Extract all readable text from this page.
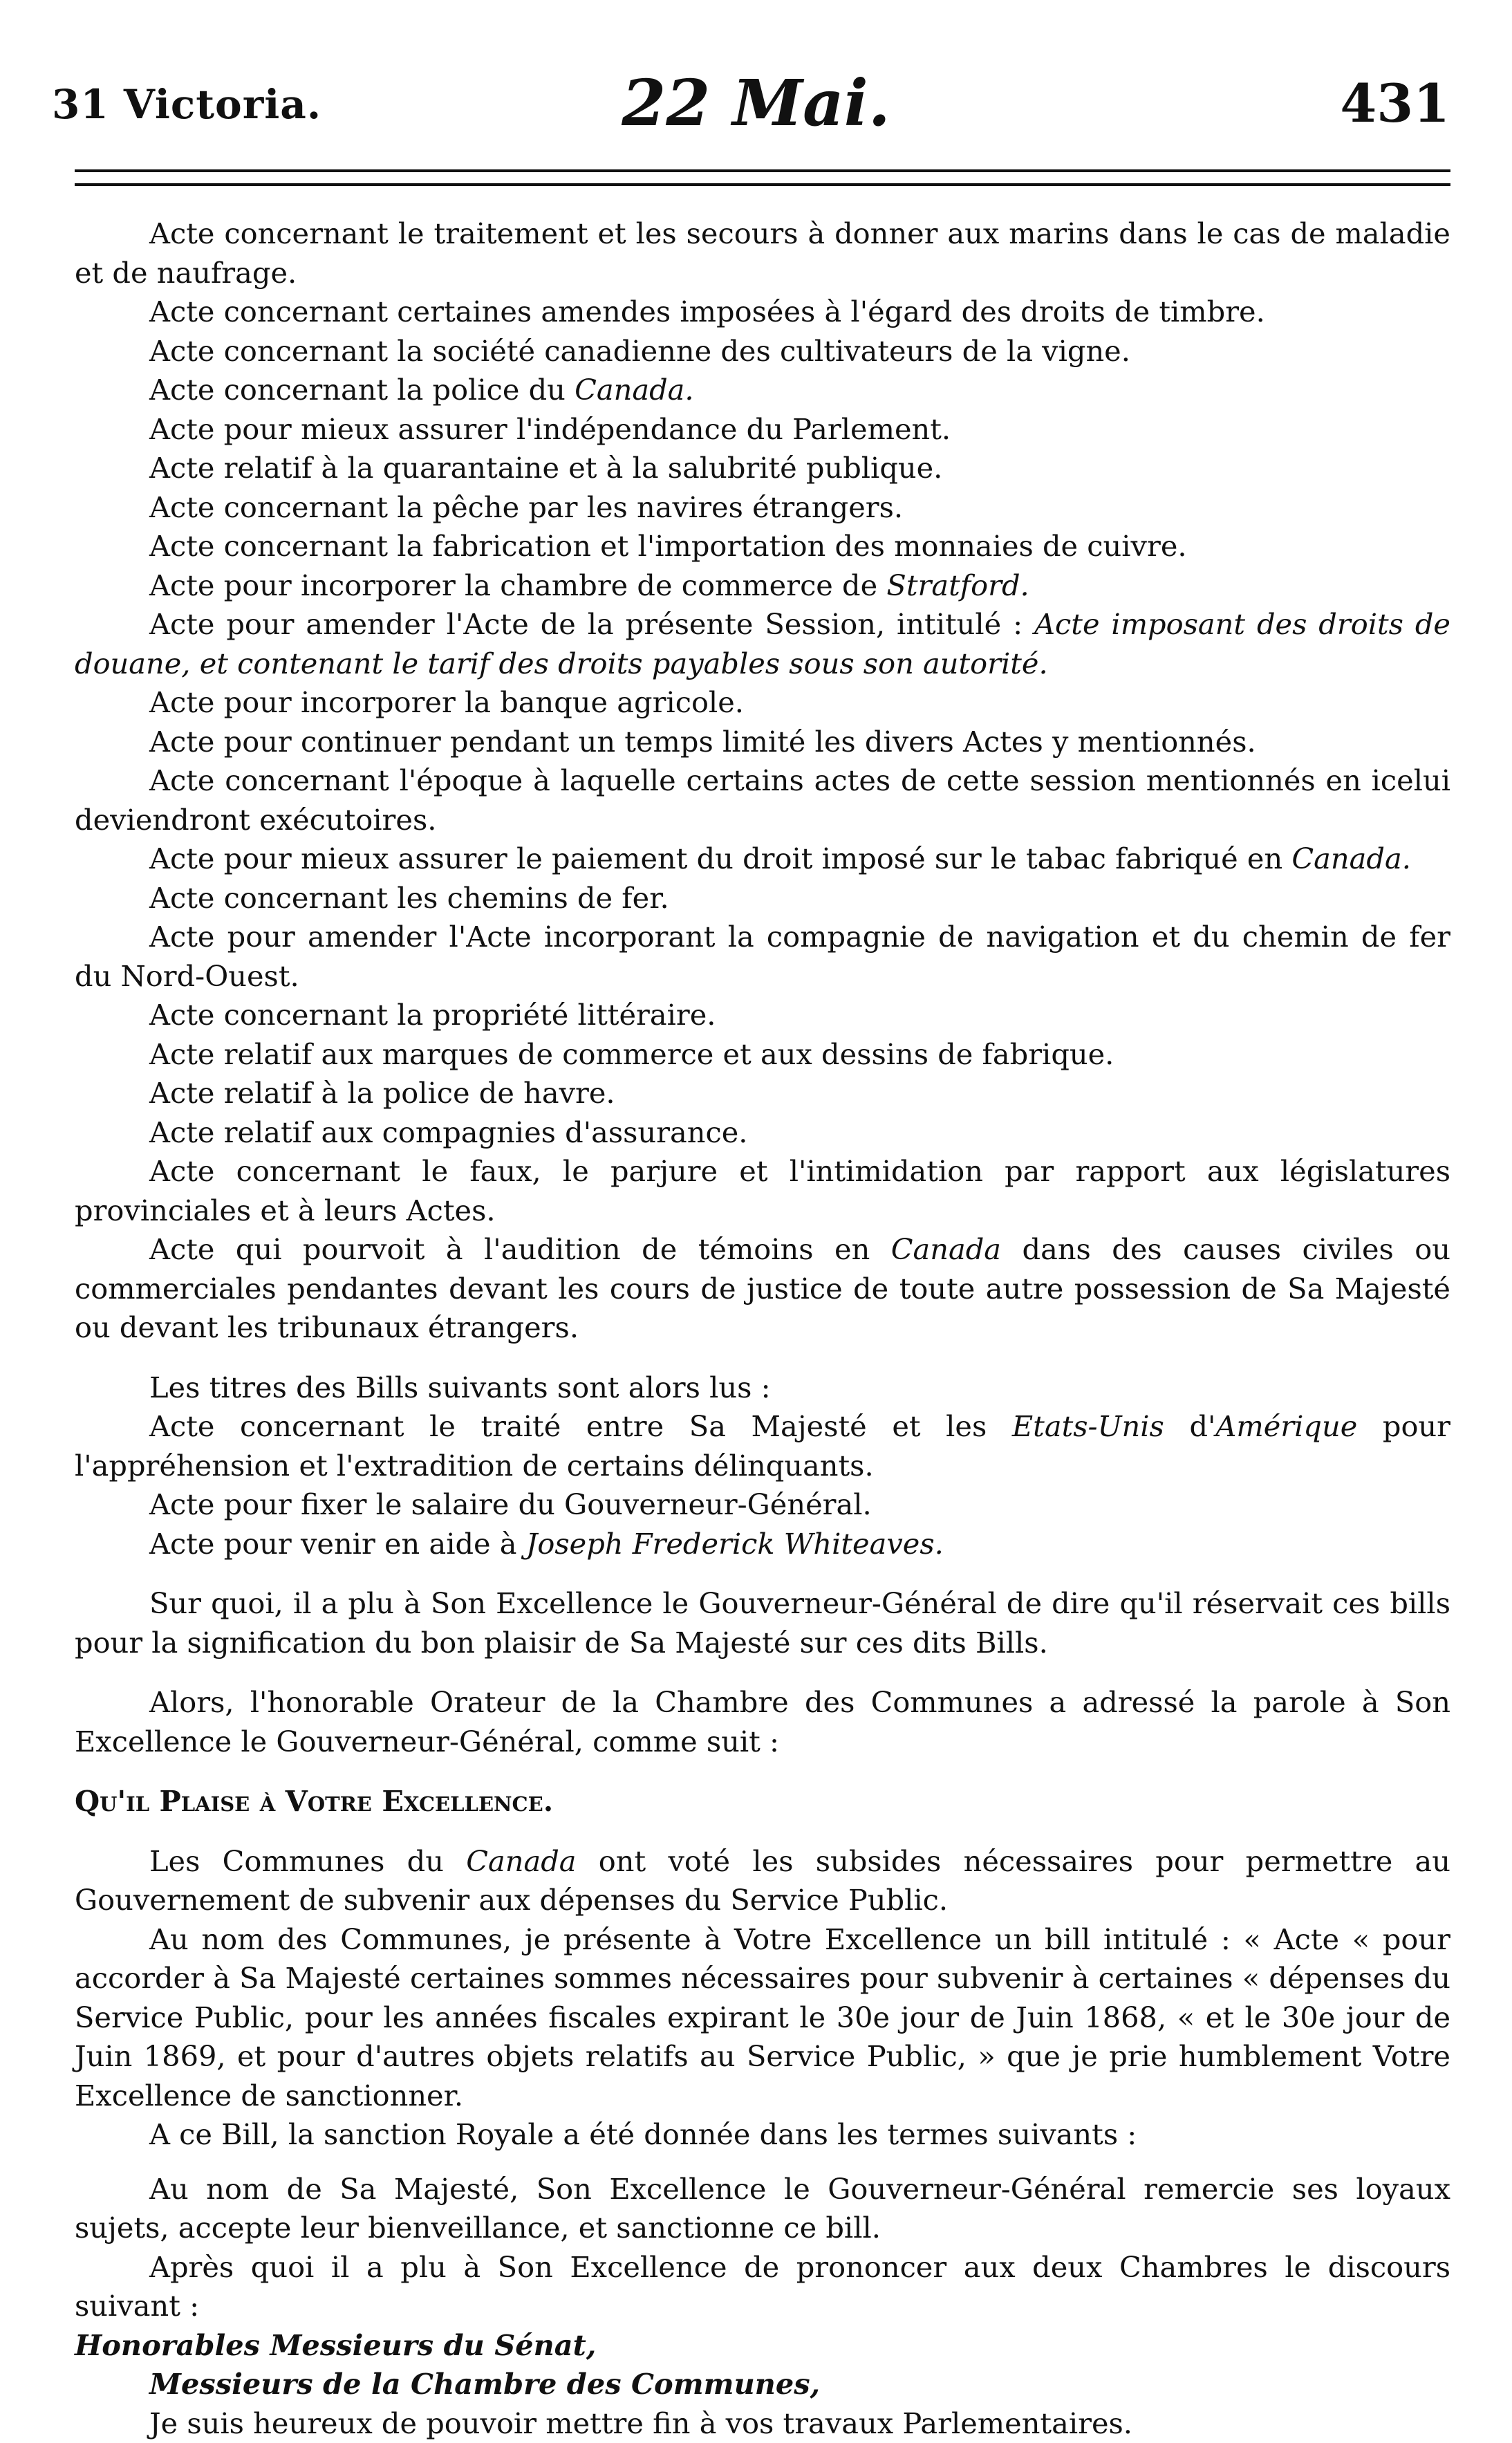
31 Victoria.	22 Mai.	431

Acte concernant le traitement et les secours à donner aux marins dans le cas de maladie et de naufrage.

Acte concernant certaines amendes imposées à l'égard des droits de timbre.

Acte concernant la société canadienne des cultivateurs de la vigne.

Acte concernant la police du Canada.

Acte pour mieux assurer l'indépendance du Parlement.

Acte relatif à la quarantaine et à la salubrité publique.

Acte concernant la pêche par les navires étrangers.

Acte concernant la fabrication et l'importation des monnaies de cuivre.

Acte pour incorporer la chambre de commerce de Stratford.

Acte pour amender l'Acte de la présente Session, intitulé : Acte imposant des droits de douane, et contenant le tarif des droits payables sous son autorité.

Acte pour incorporer la banque agricole.

Acte pour continuer pendant un temps limité les divers Actes y mentionnés.

Acte concernant l'époque à laquelle certains actes de cette session mentionnés en icelui deviendront exécutoires.

Acte pour mieux assurer le paiement du droit imposé sur le tabac fabriqué en Canada.

Acte concernant les chemins de fer.

Acte pour amender l'Acte incorporant la compagnie de navigation et du chemin de fer du Nord-Ouest.

Acte concernant la propriété littéraire.

Acte relatif aux marques de commerce et aux dessins de fabrique.

Acte relatif à la police de havre.

Acte relatif aux compagnies d'assurance.

Acte concernant le faux, le parjure et l'intimidation par rapport aux législatures provinciales et à leurs Actes.

Acte qui pourvoit à l'audition de témoins en Canada dans des causes civiles ou commerciales pendantes devant les cours de justice de toute autre possession de Sa Majesté ou devant les tribunaux étrangers.

Les titres des Bills suivants sont alors lus :

Acte concernant le traité entre Sa Majesté et les Etats-Unis d'Amérique pour l'appréhension et l'extradition de certains délinquants.

Acte pour fixer le salaire du Gouverneur-Général.

Acte pour venir en aide à Joseph Frederick Whiteaves.

Sur quoi, il a plu à Son Excellence le Gouverneur-Général de dire qu'il réservait ces bills pour la signification du bon plaisir de Sa Majesté sur ces dits Bills.

Alors, l'honorable Orateur de la Chambre des Communes a adressé la parole à Son Excellence le Gouverneur-Général, comme suit :

Qu'il Plaise à Votre Excellence.

Les Communes du Canada ont voté les subsides nécessaires pour permettre au Gouvernement de subvenir aux dépenses du Service Public.

Au nom des Communes, je présente à Votre Excellence un bill intitulé : « Acte « pour accorder à Sa Majesté certaines sommes nécessaires pour subvenir à certaines « dépenses du Service Public, pour les années fiscales expirant le 30e jour de Juin 1868, « et le 30e jour de Juin 1869, et pour d'autres objets relatifs au Service Public, » que je prie humblement Votre Excellence de sanctionner.

A ce Bill, la sanction Royale a été donnée dans les termes suivants :

Au nom de Sa Majesté, Son Excellence le Gouverneur-Général remercie ses loyaux sujets, accepte leur bienveillance, et sanctionne ce bill.

Après quoi il a plu à Son Excellence de prononcer aux deux Chambres le discours suivant :

Honorables Messieurs du Sénat,

Messieurs de la Chambre des Communes,

Je suis heureux de pouvoir mettre fin à vos travaux Parlementaires.
